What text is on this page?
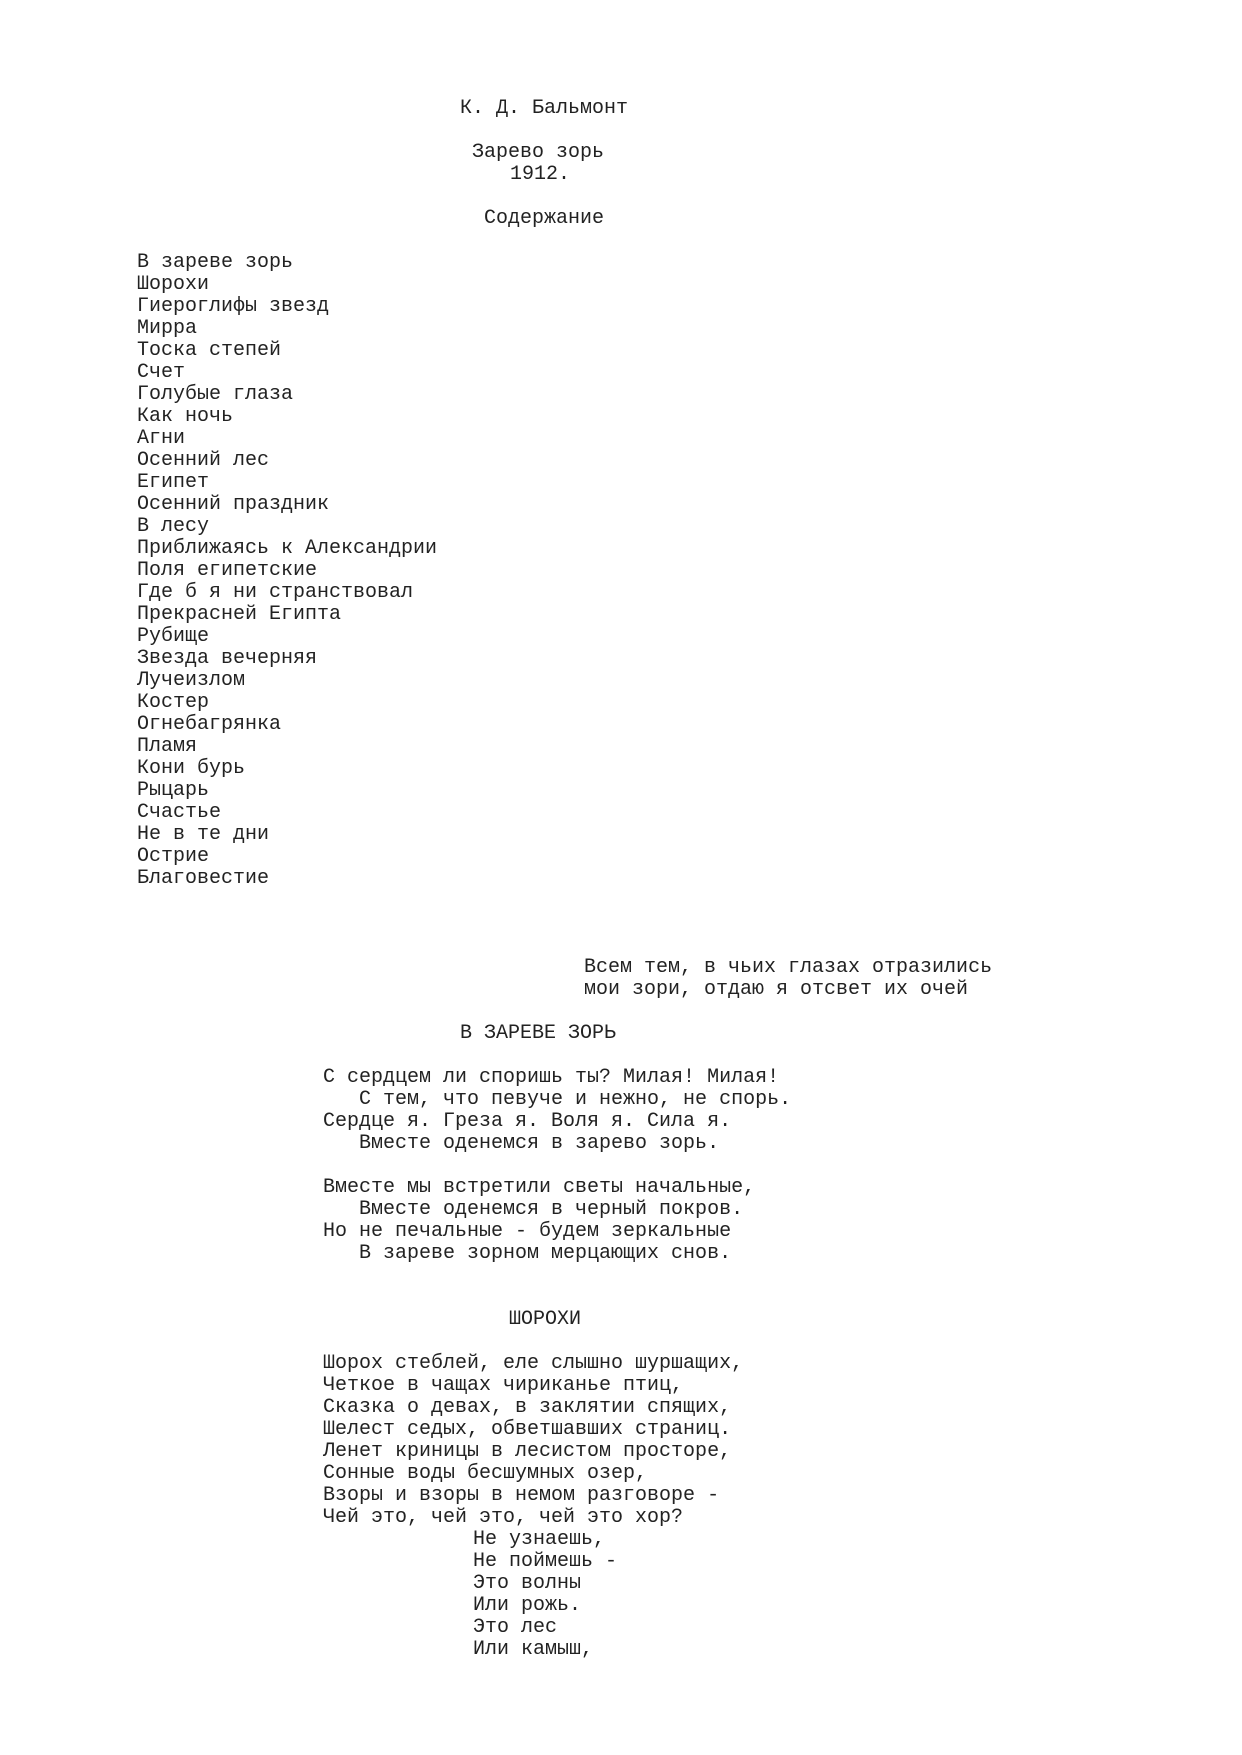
К. Д. Бальмонт
Зарево зорь
1912.
Содержание
В зареве зорь
Шорохи
Гиероглифы звезд
Мирра
Тоска степей
Счет
Голубые глаза
Как ночь
Агни
Осенний лес
Египет
Осенний праздник
В лесу
Приближаясь к Александрии
Поля египетские
Где б я ни странствовал
Прекрасней Египта
Рубище
Звезда вечерняя
Лучеизлом
Костер
Огнебагрянка
Пламя
Кони бурь
Рыцарь
Счастье
Не в те дни
Острие
Благовестие
Всем тем, в чьих глазах отразились
мои зори, отдаю я отсвет их очей
В ЗАРЕВЕ ЗОРЬ
С сердцем ли споришь ты? Милая! Милая!
С тем, что певуче и нежно, не спорь.
Сердце я. Греза я. Воля я. Сила я.
Вместе оденемся в зарево зорь.
Вместе мы встретили светы начальные,
Вместе оденемся в черный покров.
Но не печальные - будем зеркальные
В зареве зорном мерцающих снов.
ШОРОХИ
Шорох стеблей, еле слышно шуршащих,
Четкое в чащах чириканье птиц,
Сказка о девах, в заклятии спящих,
Шелест седых, обветшавших страниц.
Ленет криницы в лесистом просторе,
Сонные воды бесшумных озер,
Взоры и взоры в немом разговоре -
Чей это, чей это, чей это хор?
Не узнаешь,
Не поймешь -
Это волны
Или рожь.
Это лес
Или камыш,
